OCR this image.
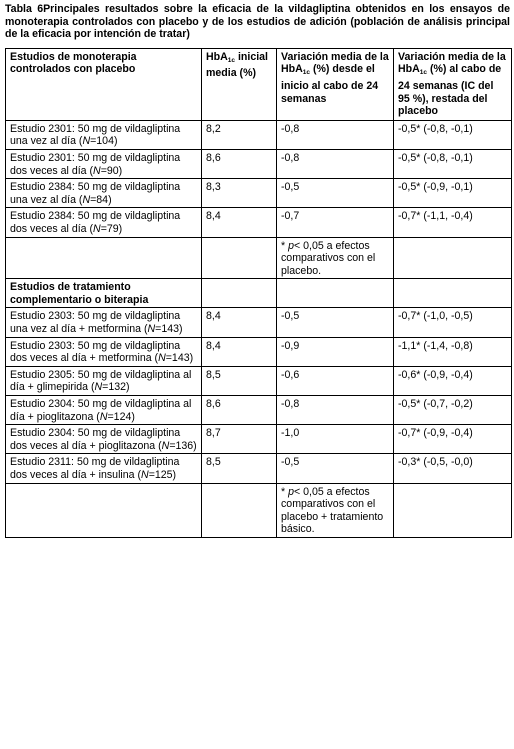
Tabla 6Principales resultados sobre la eficacia de la vildagliptina obtenidos en los ensayos de monoterapia controlados con placebo y de los estudios de adición (población de análisis principal de la eficacia por intención de tratar)
Estudios de monoterapia controlados con placebo	HbA$_{1c}$ inicial media (%)	Variación media de la HbA$_{1c}$ (%) desde el inicio al cabo de 24 semanas	Variación media de la HbA$_{1c}$ (%) al cabo de 24 semanas (IC del 95 %), restada del placebo
Estudio 2301: 50 mg de vildagliptina una vez al día (N=104)	8,2	-0,8	-0,5* (-0,8, -0,1)
Estudio 2301: 50 mg de vildagliptina dos veces al día (N=90)	8,6	-0,8	-0,5* (-0,8, -0,1)
Estudio 2384: 50 mg de vildagliptina una vez al día (N=84)	8,3	-0,5	-0,5* (-0,9, -0,1)
Estudio 2384: 50 mg de vildagliptina dos veces al día (N=79)	8,4	-0,7	-0,7* (-1,1, -0,4)
		* p< 0,05 a efectos comparativos con el placebo.	
Estudios de tratamiento complementario o biterapia			
Estudio 2303: 50 mg de vildagliptina una vez al día + metformina (N=143)	8,4	-0,5	-0,7* (-1,0, -0,5)
Estudio 2303: 50 mg de vildagliptina dos veces al día + metformina (N=143)	8,4	-0,9	-1,1* (-1,4, -0,8)
Estudio 2305: 50 mg de vildagliptina al día + glimepirida (N=132)	8,5	-0,6	-0,6* (-0,9, -0,4)
Estudio 2304: 50 mg de vildagliptina al día + pioglitazona (N=124)	8,6	-0,8	-0,5* (-0,7, -0,2)
Estudio 2304: 50 mg de vildagliptina dos veces al día + pioglitazona (N=136)	8,7	-1,0	-0,7* (-0,9, -0,4)
Estudio 2311: 50 mg de vildagliptina dos veces al día + insulina (N=125)	8,5	-0,5	-0,3* (-0,5, -0,0)
		* p< 0,05 a efectos comparativos con el placebo + tratamiento básico.	
